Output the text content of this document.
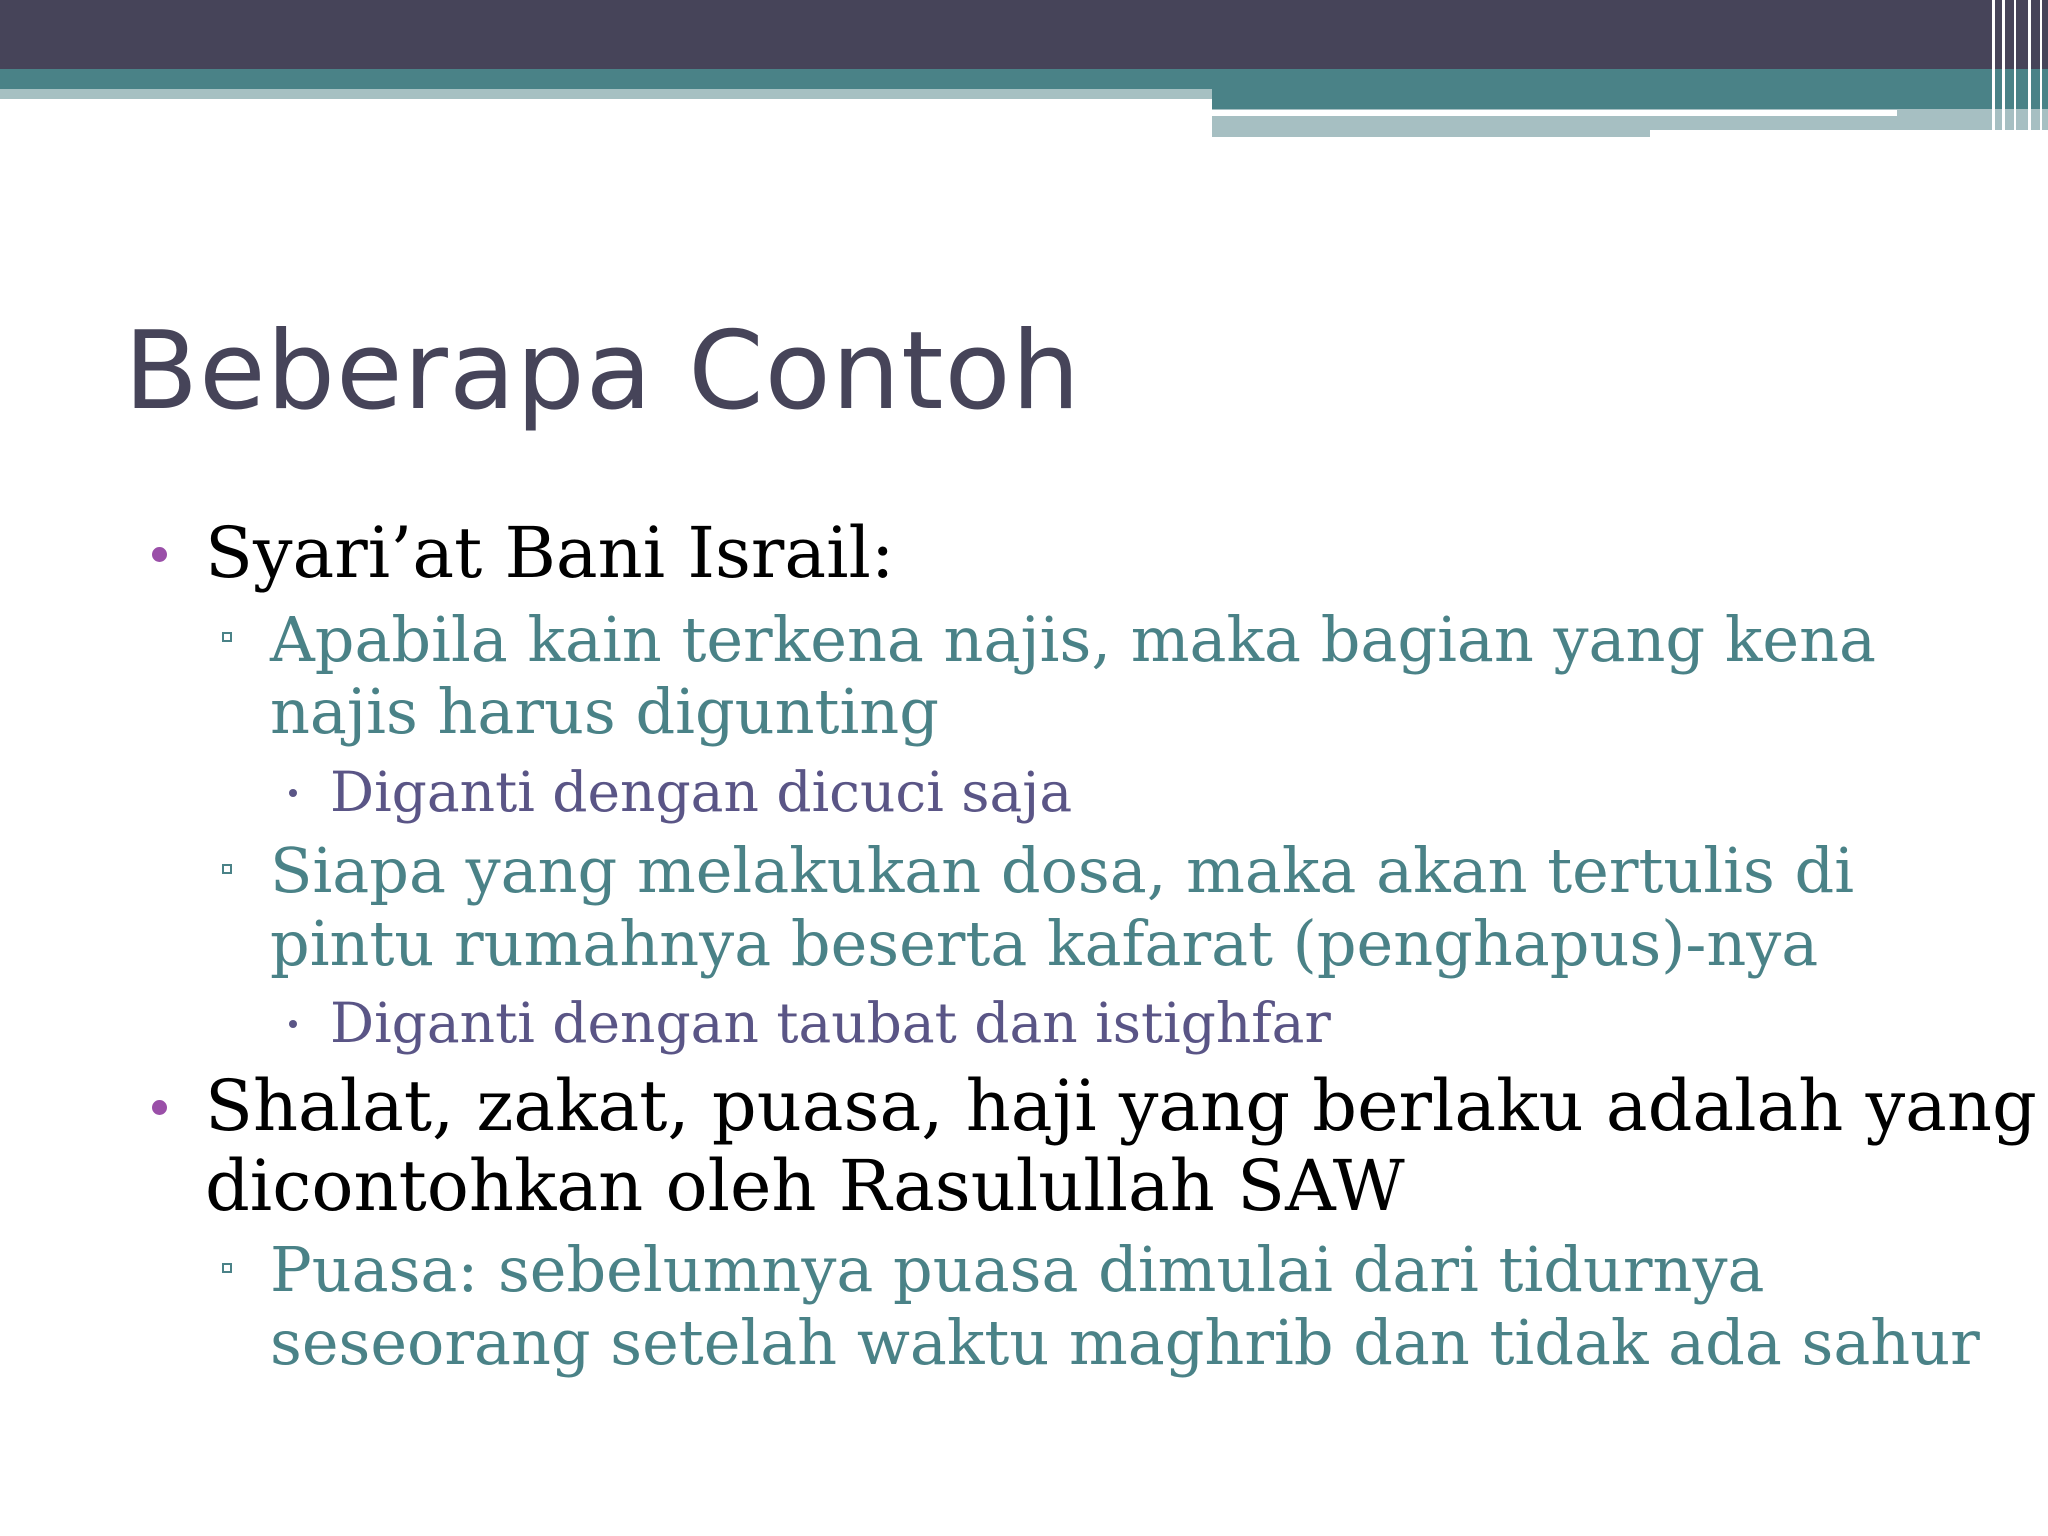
Beberapa Contoh
Syari’at Bani Israil:
Apabila kain terkena najis, maka bagian yang kena
najis harus digunting
Diganti dengan dicuci saja
Siapa yang melakukan dosa, maka akan tertulis di
pintu rumahnya beserta kafarat (penghapus)-nya
Diganti dengan taubat dan istighfar
Shalat, zakat, puasa, haji yang berlaku adalah yang
dicontohkan oleh Rasulullah SAW
Puasa: sebelumnya puasa dimulai dari tidurnya
seseorang setelah waktu maghrib dan tidak ada sahur
